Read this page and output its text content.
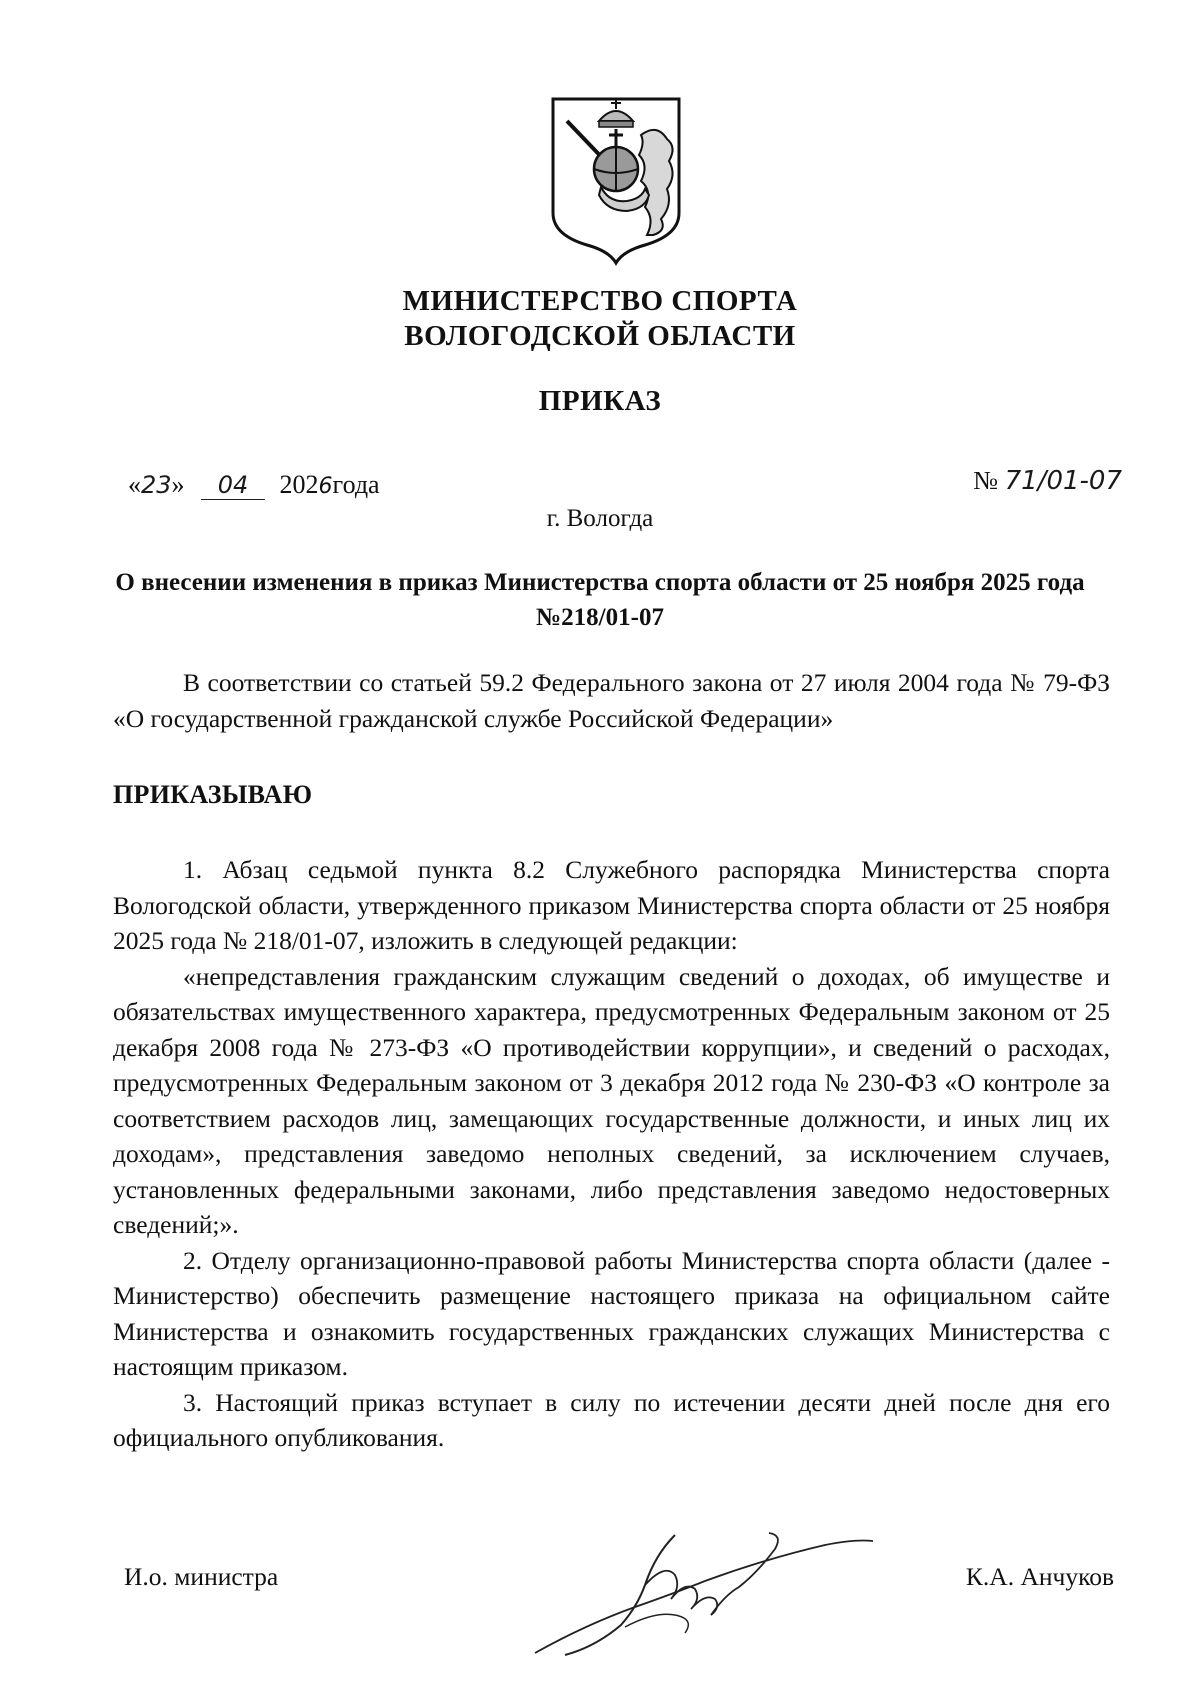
МИНИСТЕРСТВО СПОРТА
ВОЛОГОДСКОЙ ОБЛАСТИ
ПРИКАЗ
«23» 04 2026года	№ 71/01-07
г. Вологда
О внесении изменения в приказ Министерства спорта области от 25 ноября 2025 года №218/01-07

В соответствии со статьей 59.2 Федерального закона от 27 июля 2004 года № 79-ФЗ «О государственной гражданской службе Российской Федерации»

ПРИКАЗЫВАЮ

1. Абзац седьмой пункта 8.2 Служебного распорядка Министерства спорта Вологодской области, утвержденного приказом Министерства спорта области от 25 ноября 2025 года № 218/01-07, изложить в следующей редакции:

«непредставления гражданским служащим сведений о доходах, об имуществе и обязательствах имущественного характера, предусмотренных Федеральным законом от 25 декабря 2008 года № 273-ФЗ «О противодействии коррупции», и сведений о расходах, предусмотренных Федеральным законом от 3 декабря 2012 года № 230-ФЗ «О контроле за соответствием расходов лиц, замещающих государственные должности, и иных лиц их доходам», представления заведомо неполных сведений, за исключением случаев, установленных федеральными законами, либо представления заведомо недостоверных сведений;».

2. Отделу организационно-правовой работы Министерства спорта области (далее - Министерство) обеспечить размещение настоящего приказа на официальном сайте Министерства и ознакомить государственных гражданских служащих Министерства с настоящим приказом.

3. Настоящий приказ вступает в силу по истечении десяти дней после дня его официального опубликования.

И.о. министра	К.А. Анчуков
